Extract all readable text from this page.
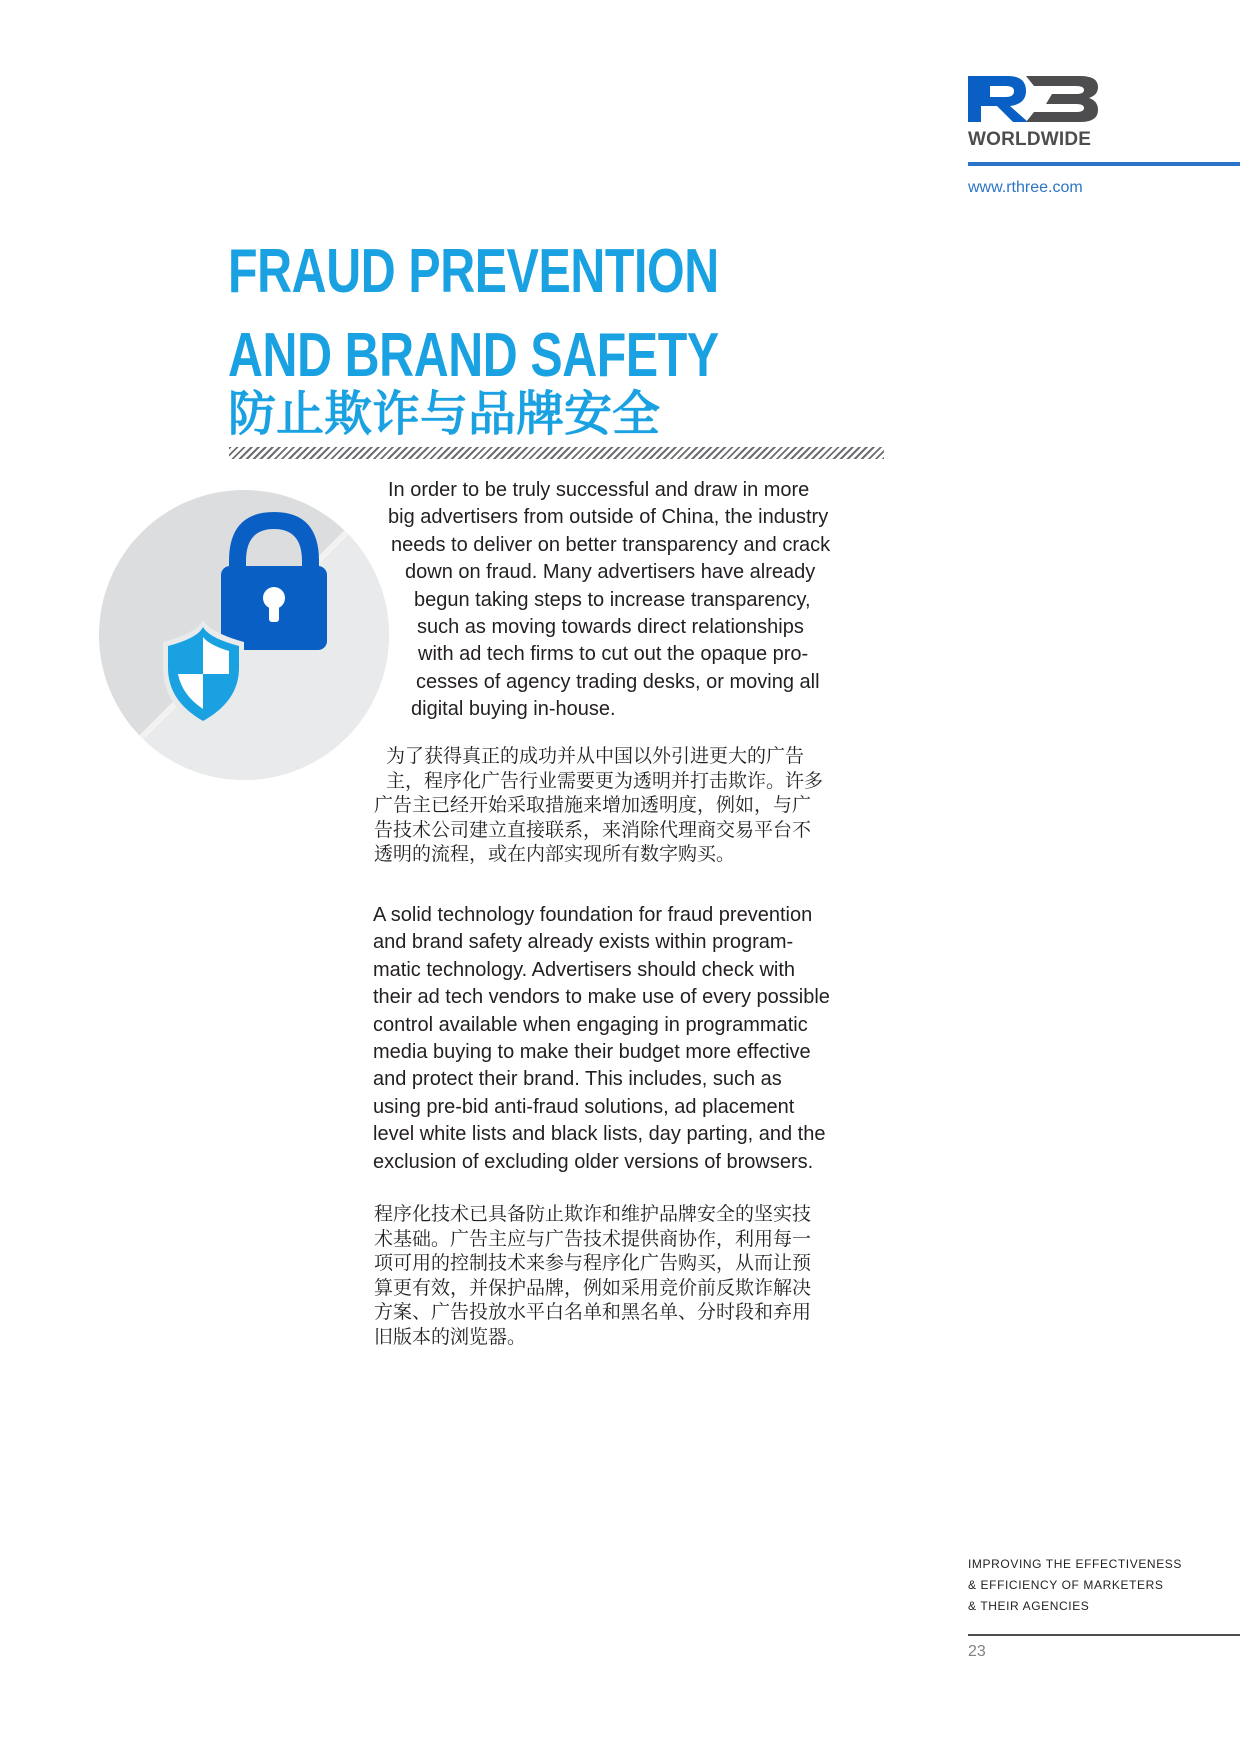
WORLDWIDE
www.rthree.com
FRAUD PREVENTION
AND BRAND SAFETY
防止欺诈与品牌安全
In order to be truly successful and draw in more
big advertisers from outside of China, the industry
needs to deliver on better transparency and crack
down on fraud. Many advertisers have already
begun taking steps to increase transparency,
such as moving towards direct relationships
with ad tech firms to cut out the opaque pro-
cesses of agency trading desks, or moving all
digital buying in-house.
为了获得真正的成功并从中国以外引进更大的广告
主，程序化广告行业需要更为透明并打击欺诈。许多
广告主已经开始采取措施来增加透明度，例如，与广
告技术公司建立直接联系，来消除代理商交易平台不
透明的流程，或在内部实现所有数字购买。
A solid technology foundation for fraud prevention
and brand safety already exists within program-
matic technology. Advertisers should check with
their ad tech vendors to make use of every possible
control available when engaging in programmatic
media buying to make their budget more effective
and protect their brand. This includes, such as
using pre-bid anti-fraud solutions, ad placement
level white lists and black lists, day parting, and the
exclusion of excluding older versions of browsers.
程序化技术已具备防止欺诈和维护品牌安全的坚实技
术基础。广告主应与广告技术提供商协作，利用每一
项可用的控制技术来参与程序化广告购买，从而让预
算更有效，并保护品牌，例如采用竞价前反欺诈解决
方案、广告投放水平白名单和黑名单、分时段和弃用
旧版本的浏览器。
IMPROVING THE EFFECTIVENESS
& EFFICIENCY OF MARKETERS
& THEIR AGENCIES
23
